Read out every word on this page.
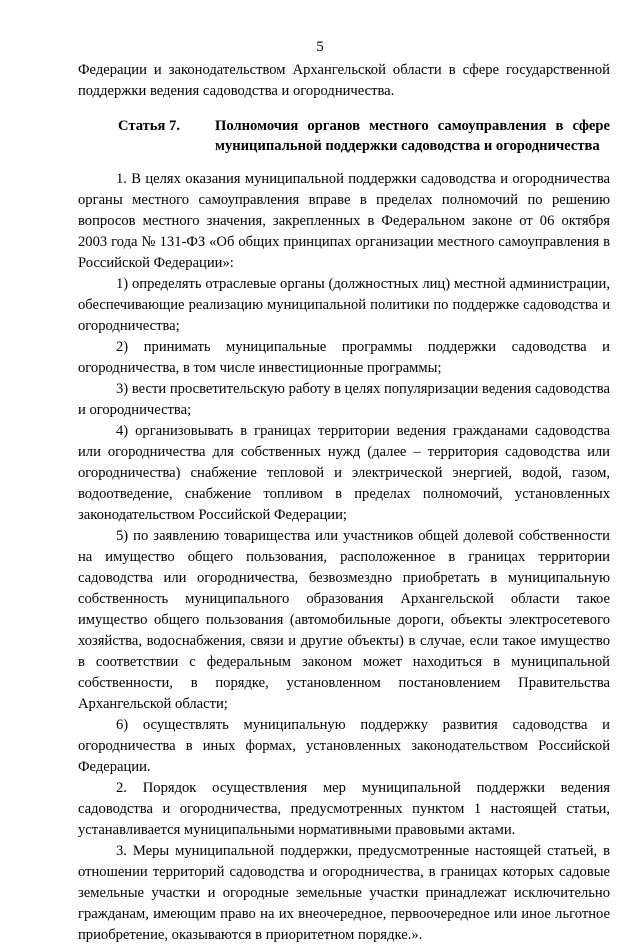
5

Федерации и законодательством Архангельской области в сфере государственной поддержки ведения садоводства и огородничества.

Статья 7.	Полномочия органов местного самоуправления в сфере муниципальной поддержки садоводства и огородничества

1. В целях оказания муниципальной поддержки садоводства и огородничества органы местного самоуправления вправе в пределах полномочий по решению вопросов местного значения, закрепленных в Федеральном законе от 06 октября 2003 года № 131-ФЗ «Об общих принципах организации местного самоуправления в Российской Федерации»:

1) определять отраслевые органы (должностных лиц) местной администрации, обеспечивающие реализацию муниципальной политики по поддержке садоводства и огородничества;

2) принимать муниципальные программы поддержки садоводства и огородничества, в том числе инвестиционные программы;

3) вести просветительскую работу в целях популяризации ведения садоводства и огородничества;

4) организовывать в границах территории ведения гражданами садоводства или огородничества для собственных нужд (далее – территория садоводства или огородничества) снабжение тепловой и электрической энергией, водой, газом, водоотведение, снабжение топливом в пределах полномочий, установленных законодательством Российской Федерации;

5) по заявлению товарищества или участников общей долевой собственности на имущество общего пользования, расположенное в границах территории садоводства или огородничества, безвозмездно приобретать в муниципальную собственность муниципального образования Архангельской области такое имущество общего пользования (автомобильные дороги, объекты электросетевого хозяйства, водоснабжения, связи и другие объекты) в случае, если такое имущество в соответствии с федеральным законом может находиться в муниципальной собственности, в порядке, установленном постановлением Правительства Архангельской области;

6) осуществлять муниципальную поддержку развития садоводства и огородничества в иных формах, установленных законодательством Российской Федерации.

2. Порядок осуществления мер муниципальной поддержки ведения садоводства и огородничества, предусмотренных пунктом 1 настоящей статьи, устанавливается муниципальными нормативными правовыми актами.

3. Меры муниципальной поддержки, предусмотренные настоящей статьей, в отношении территорий садоводства и огородничества, в границах которых садовые земельные участки и огородные земельные участки принадлежат исключительно гражданам, имеющим право на их внеочередное, первоочередное или иное льготное приобретение, оказываются в приоритетном порядке.».
